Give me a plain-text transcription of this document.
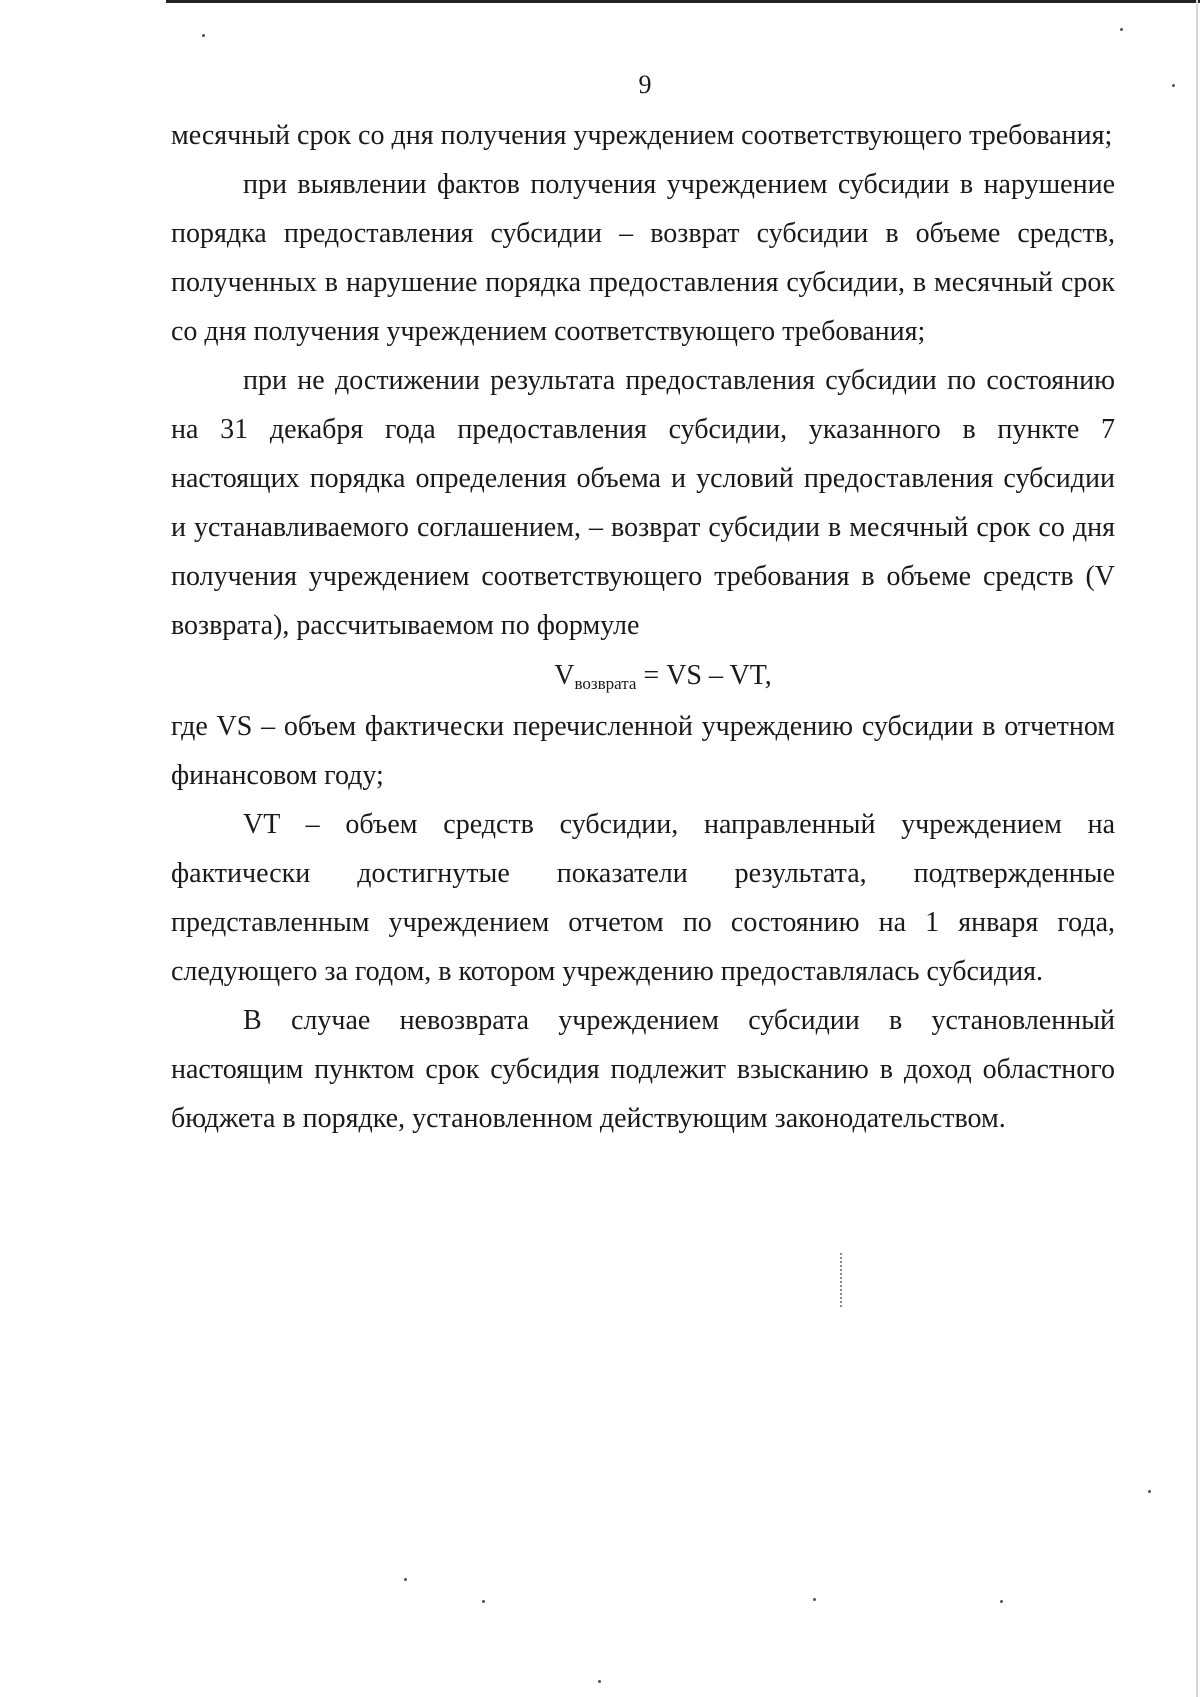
9

месячный срок со дня получения учреждением соответствующего требования;

при выявлении фактов получения учреждением субсидии в нарушение порядка предоставления субсидии – возврат субсидии в объеме средств, полученных в нарушение порядка предоставления субсидии, в месячный срок со дня получения учреждением соответствующего требования;

при не достижении результата предоставления субсидии по состоянию на 31 декабря года предоставления субсидии, указанного в пункте 7 настоящих порядка определения объема и условий предоставления субсидии и устанавливаемого соглашением, – возврат субсидии в месячный срок со дня получения учреждением соответствующего требования в объеме средств (V возврата), рассчитываемом по формуле

$V_{возврата}$ = VS – VT,

где VS – объем фактически перечисленной учреждению субсидии в отчетном финансовом году;

VT – объем средств субсидии, направленный учреждением на фактически достигнутые показатели результата, подтвержденные представленным учреждением отчетом по состоянию на 1 января года, следующего за годом, в котором учреждению предоставлялась субсидия.

В случае невозврата учреждением субсидии в установленный настоящим пунктом срок субсидия подлежит взысканию в доход областного бюджета в порядке, установленном действующим законодательством.
